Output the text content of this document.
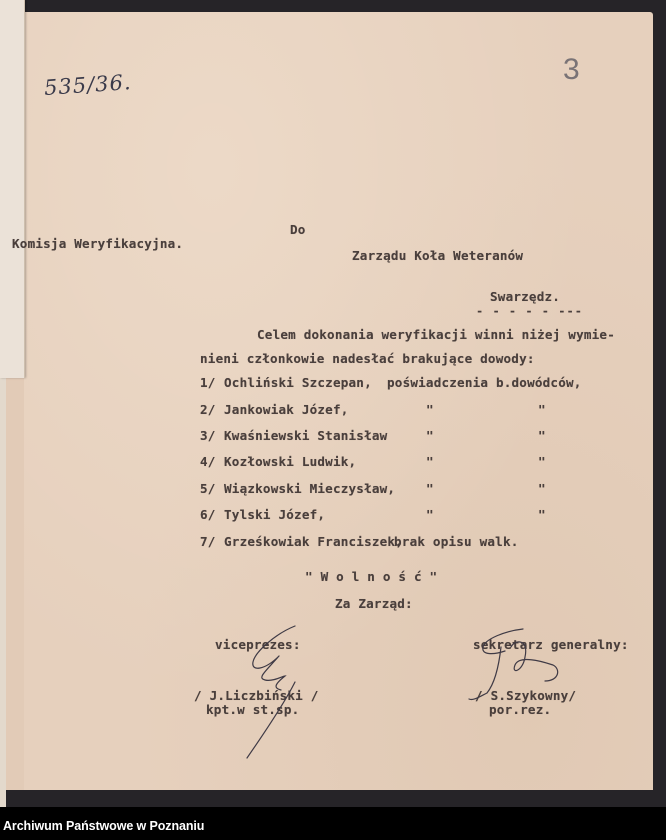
535/36.	3
Do
Komisja Weryfikacyjna.
Zarządu Koła Weteranów
Swarzędz.
- - - - - ---
Celem dokonania weryfikacji winni niżej wymie-
nieni członkowie nadesłać brakujące dowody:
1/ Ochliński Szczepan, poświadczenia b.dowódców,
2/ Jankowiak Józef,	"	"
3/ Kwaśniewski Stanisław	"	"
4/ Kozłowski Ludwik,	"	"
5/ Wiązkowski Mieczysław, "	"
6/ Tylski Józef,	"	"
7/ Grześkowiak Franciszek,
brak opisu walk.
" W o l n o ś ć "
Za Zarząd:
viceprezes:
/ J.Liczbiński /
kpt.w st.sp.
sekretarz generalny:
/ S.Szykowny/
por.rez.
Archiwum Państwowe w Poznaniu
